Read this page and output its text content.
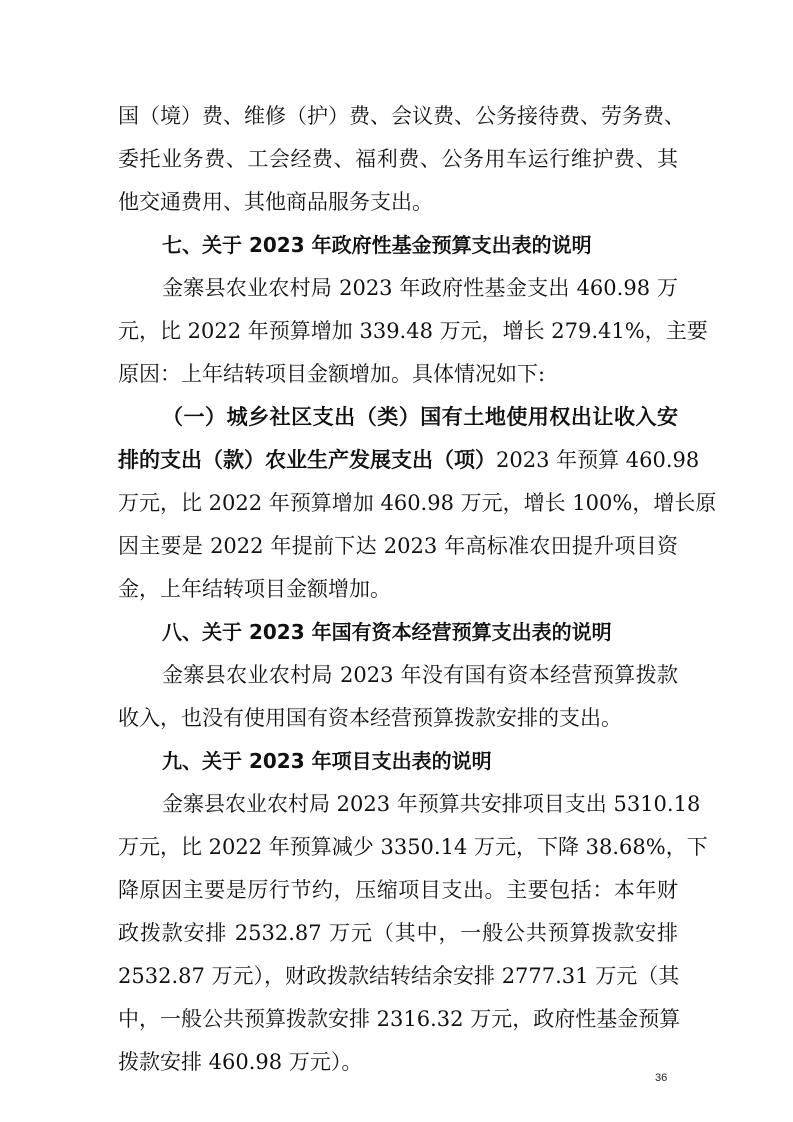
国（境）费、维修（护）费、会议费、公务接待费、劳务费、
委托业务费、工会经费、福利费、公务用车运行维护费、其
他交通费用、其他商品服务支出。
七、关于 2023 年政府性基金预算支出表的说明
金寨县农业农村局 2023 年政府性基金支出 460.98 万
元，比 2022 年预算增加 339.48 万元，增长 279.41%，主要
原因：上年结转项目金额增加。具体情况如下:
（一）城乡社区支出（类）国有土地使用权出让收入安
排的支出（款）农业生产发展支出（项）2023 年预算 460.98
万元，比 2022 年预算增加 460.98 万元，增长 100%，增长原
因主要是 2022 年提前下达 2023 年高标准农田提升项目资
金，上年结转项目金额增加。
八、关于 2023 年国有资本经营预算支出表的说明
金寨县农业农村局 2023 年没有国有资本经营预算拨款
收入，也没有使用国有资本经营预算拨款安排的支出。
九、关于 2023 年项目支出表的说明
金寨县农业农村局 2023 年预算共安排项目支出 5310.18
万元，比 2022 年预算减少 3350.14 万元，下降 38.68%，下
降原因主要是厉行节约，压缩项目支出。主要包括：本年财
政拨款安排 2532.87 万元（其中，一般公共预算拨款安排
2532.87 万元），财政拨款结转结余安排 2777.31 万元（其
中，一般公共预算拨款安排 2316.32 万元，政府性基金预算
拨款安排 460.98 万元）。
36
